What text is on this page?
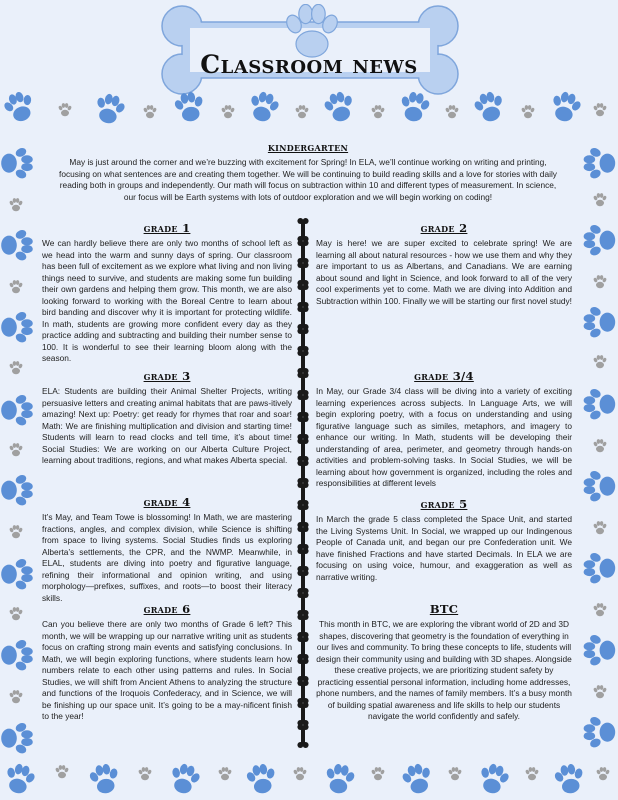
Classroom news
kindergarten
May is just around the corner and we’re buzzing with excitement for Spring! In ELA, we’ll continue working on writing and printing, focusing on what sentences are and creating them together. We will be continuing to build reading skills and a love for stories with daily reading both in groups and independently. Our math will focus on subtraction within 10 and different types of measurement. In science, our focus will be Earth systems with lots of outdoor exploration and we will begin working on coding!
grade 1
We can hardly believe there are only two months of school left as we head into the warm and sunny days of spring. Our classroom has been full of excitement as we explore what living and non living things need to survive, and students are making some fun building their own gardens and helping them grow. This month, we are also looking forward to working with the Boreal Centre to learn about bird banding and discover why it is important for protecting wildlife. In math, students are growing more confident every day as they practice adding and subtracting and building their number sense to 100. It is wonderful to see their learning bloom along with the season.
grade 2
May is here! we are super excited to celebrate spring! We are learning all about natural resources - how we use them and why they are important to us as Albertans, and Canadians. We are earning about sound and light in Science, and look forward to all of the very cool experiments yet to come. Math we are diving into Addition and Subtraction within 100. Finally we will be starting our first novel study!
grade 3
ELA: Students are building their Animal Shelter Projects, writing persuasive letters and creating animal habitats that are paws-itively amazing! Next up: Poetry: get ready for rhymes that roar and soar! Math: We are finishing multiplication and division and starting time! Students will learn to read clocks and tell time, it’s about time! Social Studies: We are working on our Alberta Culture Project, learning about traditions, regions, and what makes Alberta special.
grade 3/4
In May, our Grade 3/4 class will be diving into a variety of exciting learning experiences across subjects. In Language Arts, we will begin exploring poetry, with a focus on understanding and using figurative language such as similes, metaphors, and imagery to enhance our writing. In Math, students will be developing their understanding of area, perimeter, and geometry through hands-on activities and problem-solving tasks. In Social Studies, we will be learning about how government is organized, including the roles and responsibilities at different levels
grade 4
It’s May, and Team Towe is blossoming! In Math, we are mastering fractions, angles, and complex division, while Science is shifting from space to living systems. Social Studies finds us exploring Alberta’s settlements, the CPR, and the NWMP. Meanwhile, in ELAL, students are diving into poetry and figurative language, refining their informational and opinion writing, and using morphology—prefixes, suffixes, and roots—to boost their literacy skills.
grade 5
In March the grade 5 class completed the Space Unit, and started the Living Systems Unit. In Social, we wrapped up our Indingenous People of Canada unit, and began our pre Confederation unit. We have finished Fractions and have started Decimals. In ELA we are focusing on using voice, humour, and exaggeration as well as narrative writing.
grade 6
Can you believe there are only two months of Grade 6 left? This month, we will be wrapping up our narrative writing unit as students focus on crafting strong main events and satisfying conclusions. In Math, we will begin exploring functions, where students learn how numbers relate to each other using patterns and rules. In Social Studies, we will shift from Ancient Athens to analyzing the structure and functions of the Iroquois Confederacy, and in Science, we will be finishing up our space unit. It’s going to be a may-nificent finish to the year!
BTC
This month in BTC, we are exploring the vibrant world of 2D and 3D shapes, discovering that geometry is the foundation of everything in our lives and community. To bring these concepts to life, students will design their community using and building with 3D shapes. Alongside these creative projects, we are prioritizing student safety by practicing essential personal information, including home addresses, phone numbers, and the names of family members. It’s a busy month of building spatial awareness and life skills to help our students navigate the world confidently and safely.
